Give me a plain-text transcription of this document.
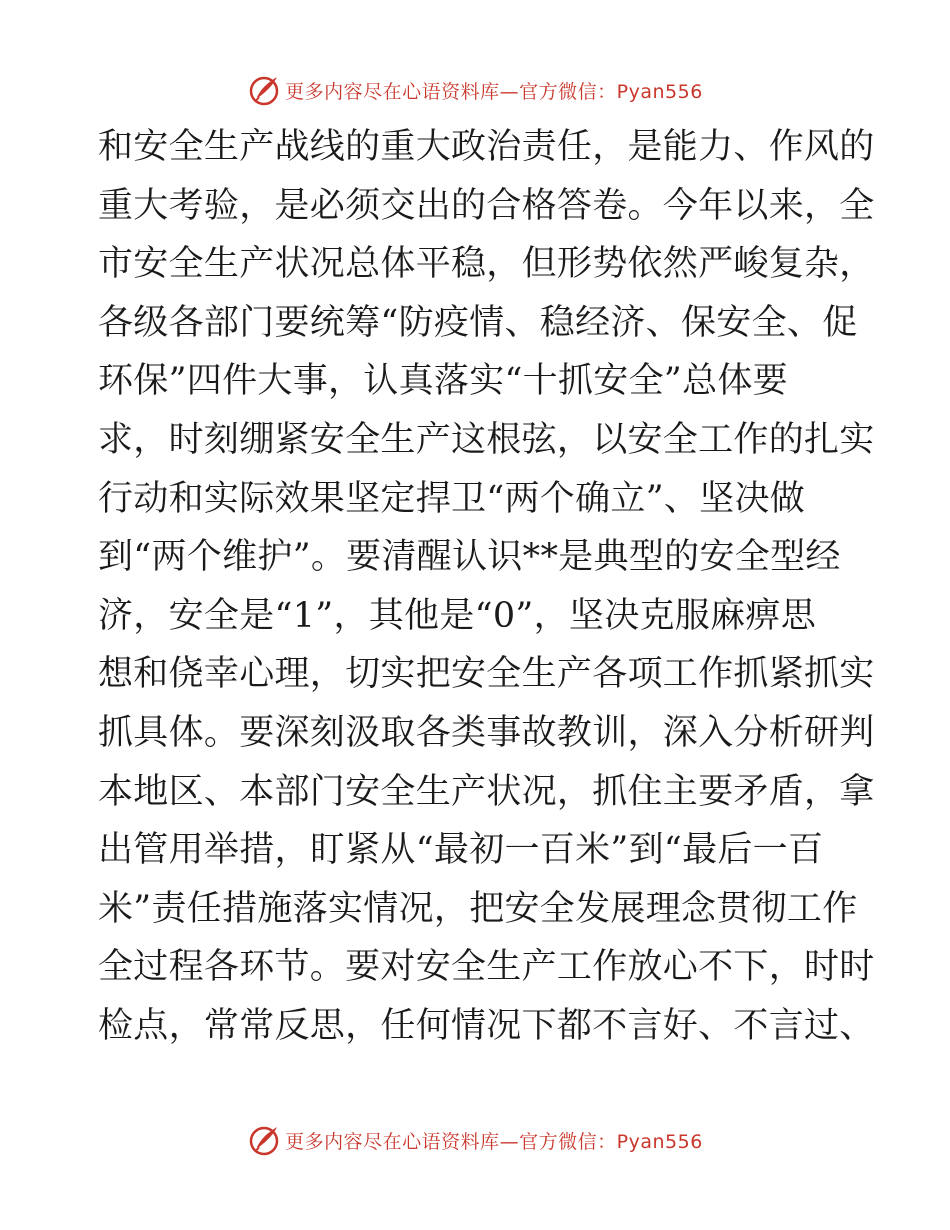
更多内容尽在心语资料库—官方微信：Pyan556
和安全生产战线的重大政治责任，是能力、作风的
重大考验，是必须交出的合格答卷。今年以来，全
市安全生产状况总体平稳，但形势依然严峻复杂，
各级各部门要统筹“防疫情、稳经济、保安全、促
环保”四件大事，认真落实“十抓安全”总体要
求，时刻绷紧安全生产这根弦，以安全工作的扎实
行动和实际效果坚定捍卫“两个确立”、坚决做
到“两个维护”。要清醒认识**是典型的安全型经
济，安全是“1”，其他是“0”，坚决克服麻痹思
想和侥幸心理，切实把安全生产各项工作抓紧抓实
抓具体。要深刻汲取各类事故教训，深入分析研判
本地区、本部门安全生产状况，抓住主要矛盾，拿
出管用举措，盯紧从“最初一百米”到“最后一百
米”责任措施落实情况，把安全发展理念贯彻工作
全过程各环节。要对安全生产工作放心不下，时时
检点，常常反思，任何情况下都不言好、不言过、
更多内容尽在心语资料库—官方微信：Pyan556
